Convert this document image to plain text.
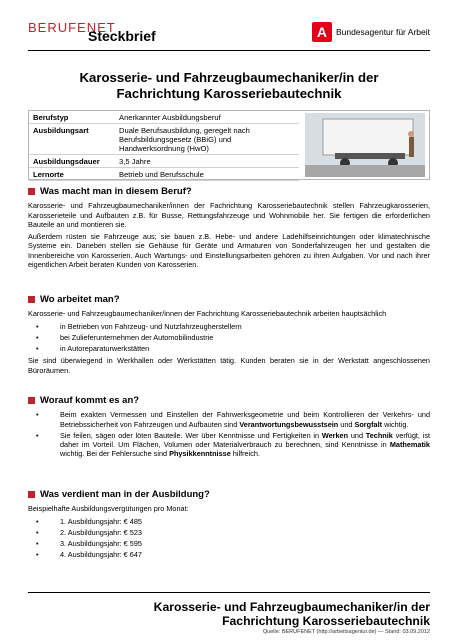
BERUFENET
Steckbrief	A	Bundesagentur für Arbeit
Karosserie- und Fahrzeugbaumechaniker/in der
Fachrichtung Karosseriebautechnik
Berufstyp	Anerkannter Ausbildungsberuf
Ausbildungsart	Duale Berufsausbildung, geregelt nach Berufsbildungsgesetz (BBiG) und Handwerksordnung (HwO)
Ausbildungsdauer	3,5 Jahre
Lernorte	Betrieb und Berufsschule
Was macht man in diesem Beruf?

Karosserie- und Fahrzeugbaumechaniker/innen der Fachrichtung Karosseriebautechnik stellen Fahrzeugkarosserien, Karosserieteile und Aufbauten z.B. für Busse, Rettungsfahrzeuge und Wohnmobile her. Sie fertigen die erforderlichen Bauteile an und montieren sie.

Außerdem rüsten sie Fahrzeuge aus; sie bauen z.B. Hebe- und andere Ladehilfseinrichtungen oder klimatechnische Systeme ein. Daneben stellen sie Gehäuse für Geräte und Armaturen von Sonderfahrzeugen her und gestalten die Innenbereiche von Karosserien. Auch Wartungs- und Einstellungsarbeiten gehören zu ihren Aufgaben. Vor und nach ihrer eigentlichen Arbeit beraten Kunden von Karosserien.

Wo arbeitet man?

Karosserie- und Fahrzeugbaumechaniker/innen der Fachrichtung Karosseriebautechnik arbeiten hauptsächlich

• in Betrieben von Fahrzeug- und Nutzfahrzeugherstellern
• bei Zulieferunternehmen der Automobilindustrie
• in Autoreparaturwerkstätten

Sie sind überwiegend in Werkhallen oder Werkstätten tätig. Kunden beraten sie in der Werkstatt angeschlossenen Büroräumen.

Worauf kommt es an?
• Beim exakten Vermessen und Einstellen der Fahrwerksgeometrie und beim Kontrollieren der Verkehrs- und Betriebssicherheit von Fahrzeugen und Aufbauten sind Verantwortungsbewusstsein und Sorgfalt wichtig.
• Sie feilen, sägen oder löten Bauteile. Wer über Kenntnisse und Fertigkeiten in Werken und Technik verfügt, ist daher im Vorteil. Um Flächen, Volumen oder Materialverbrauch zu berechnen, sind Kenntnisse in Mathematik wichtig. Bei der Fehlersuche sind Physikkenntnisse hilfreich.
Was verdient man in der Ausbildung?

Beispielhafte Ausbildungsvergütungen pro Monat:

• 1. Ausbildungsjahr: € 485
• 2. Ausbildungsjahr: € 523
• 3. Ausbildungsjahr: € 595
• 4. Ausbildungsjahr: € 647
Karosserie- und Fahrzeugbaumechaniker/in der
Fachrichtung Karosseriebautechnik
Quelle: BERUFENET (http://arbeitsagentur.de) — Stand: 03.09.2012
